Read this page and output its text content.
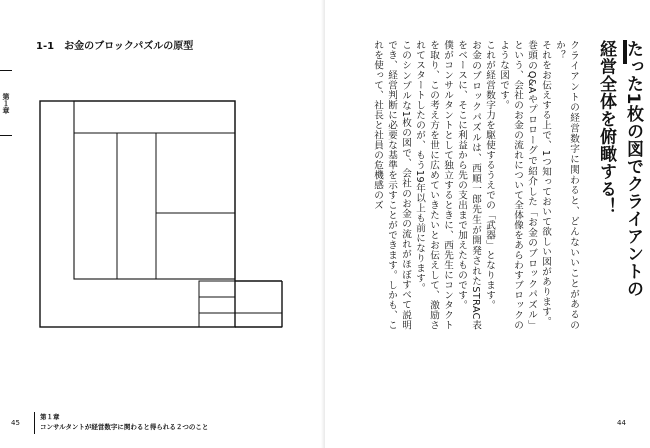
第１章
1-1 お金のブロックパズルの原型
45
第１章
コンサルタントが経営数字に関わると得られる２つのこと
たった1枚の図でクライアントの
経営全体を俯瞰する！

クライアントの経営数字に関わると、どんないいことがあるのか？

それをお伝えする上で、1つ知っておいて欲しい図があります。

巻頭のQ&Aやプロローグで紹介した「お金のブロックパズル」という、会社のお金の流れについて全体像をあらわすブロックのような図です。

これが経営数字力を駆使するうえでの「武器」となります。

お金のブロックパズルは、西順一郎先生が開発されたSTRAC表をベースに、そこに利益から先の支出まで加えたものです。

僕がコンサルタントとして独立するときに、西先生にコンタクトを取り、この考え方を世に広めていきたいとお伝えして、激励されてスタートしたのが、もう19年以上も前になります。

このシンプルな1枚の図で、会社のお金の流れがほぼすべて説明でき、経営判断に必要な基準を示すことができます。しかも、これを使って、社長と社員の危機感のズ

44
